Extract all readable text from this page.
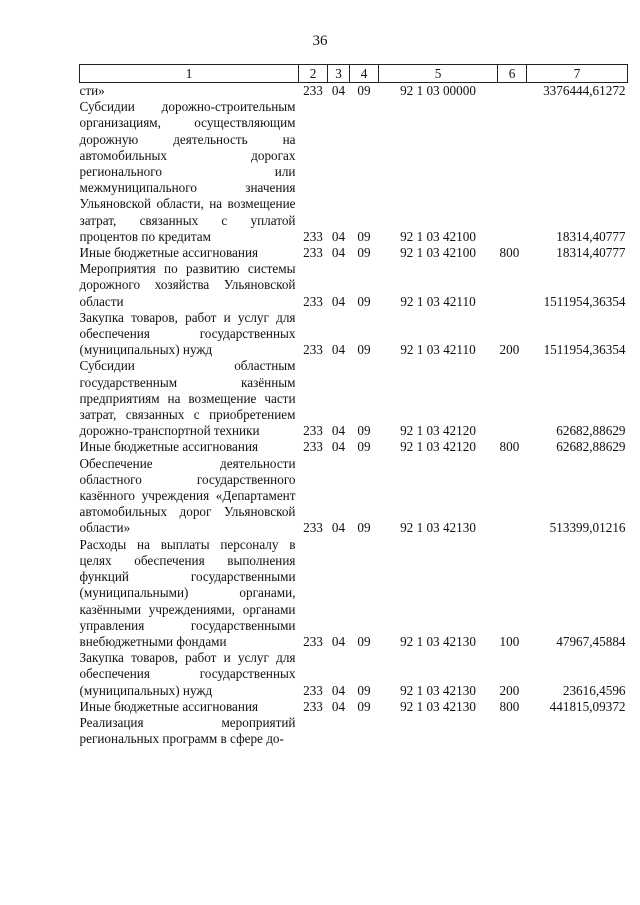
36
1	2	3	4	5	6	7
сти»	233	04	09	92 1 03 00000		3376444,61272
Субсидии дорожно-строительным организациям, осуществляющим дорожную деятельность на автомобильных дорогах регионального или межмуниципального значения Ульяновской области, на возмещение затрат, связанных с уплатой процентов по кредитам	233	04	09	92 1 03 42100		18314,40777
Иные бюджетные ассигнования	233	04	09	92 1 03 42100	800	18314,40777
Мероприятия по развитию системы дорожного хозяйства Ульяновской области	233	04	09	92 1 03 42110		1511954,36354
Закупка товаров, работ и услуг для обеспечения государственных (муниципальных) нужд	233	04	09	92 1 03 42110	200	1511954,36354
Субсидии областным государственным казённым предприятиям на возмещение части затрат, связанных с приобретением дорожно-транспортной техники	233	04	09	92 1 03 42120		62682,88629
Иные бюджетные ассигнования	233	04	09	92 1 03 42120	800	62682,88629
Обеспечение деятельности областного государственного казённого учреждения «Департамент автомобильных дорог Ульяновской области»	233	04	09	92 1 03 42130		513399,01216
Расходы на выплаты персоналу в целях обеспечения выполнения функций государственными (муниципальными) органами, казёнными учреждениями, органами управления государственными внебюджетными фондами	233	04	09	92 1 03 42130	100	47967,45884
Закупка товаров, работ и услуг для обеспечения государственных (муниципальных) нужд	233	04	09	92 1 03 42130	200	23616,4596
Иные бюджетные ассигнования	233	04	09	92 1 03 42130	800	441815,09372
Реализация мероприятий региональных программ в сфере до-						
